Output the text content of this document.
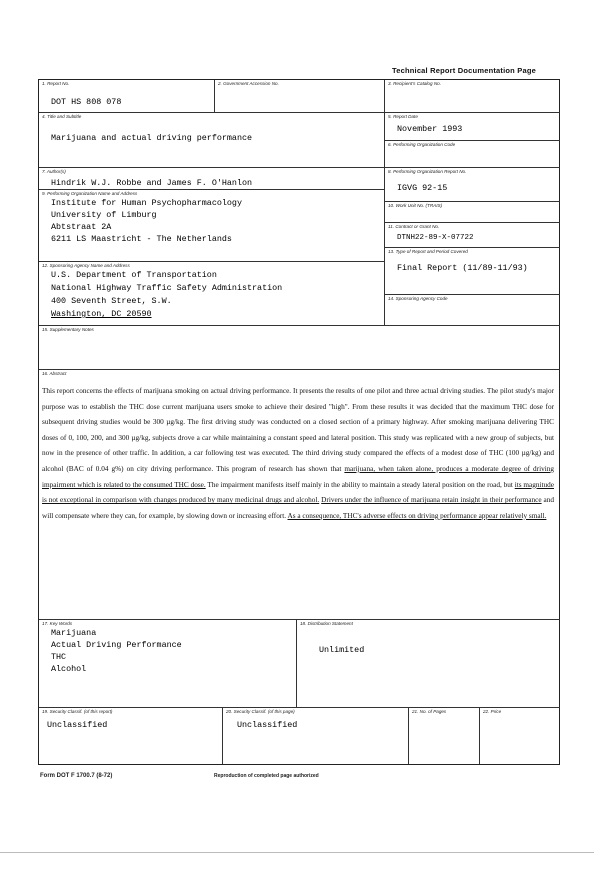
Technical Report Documentation Page
1. Report No.
DOT HS 808 078
2. Government Accession No.	3. Recipient's Catalog No.
4. Title and Subtitle
Marijuana and actual driving performance
5. Report Date
November 1993
6. Performing Organization Code
7. Author(s)
Hindrik W.J. Robbe and James F. O'Hanlon
8. Performing Organization Report No.
IGVG 92-15
9. Performing Organization Name and Address
Institute for Human Psychopharmacology
University of Limburg
Abtstraat 2A
6211 LS Maastricht - The Netherlands
10. Work Unit No. (TRAIS)
11. Contract or Grant No.
DTNH22-89-X-07722
12. Sponsoring Agency Name and Address
U.S. Department of Transportation
National Highway Traffic Safety Administration
400 Seventh Street, S.W.
Washington, DC 20590
13. Type of Report and Period Covered
Final Report (11/89-11/93)
14. Sponsoring Agency Code
15. Supplementary Notes
16. Abstract
This report concerns the effects of marijuana smoking on actual driving performance. It presents the results of one pilot and three actual driving studies. The pilot study's major purpose was to establish the THC dose current marijuana users smoke to achieve their desired "high". From these results it was decided that the maximum THC dose for subsequent driving studies would be 300 µg/kg. The first driving study was conducted on a closed section of a primary highway. After smoking marijuana delivering THC doses of 0, 100, 200, and 300 µg/kg, subjects drove a car while maintaining a constant speed and lateral position. This study was replicated with a new group of subjects, but now in the presence of other traffic. In addition, a car following test was executed. The third driving study compared the effects of a modest dose of THC (100 µg/kg) and alcohol (BAC of 0.04 g%) on city driving performance. This program of research has shown that marijuana, when taken alone, produces a moderate degree of driving impairment which is related to the consumed THC dose. The impairment manifests itself mainly in the ability to maintain a steady lateral position on the road, but its magnitude is not exceptional in comparison with changes produced by many medicinal drugs and alcohol. Drivers under the influence of marijuana retain insight in their performance and will compensate where they can, for example, by slowing down or increasing effort. As a consequence, THC's adverse effects on driving performance appear relatively small.
17. Key Words
Marijuana
Actual Driving Performance
THC
Alcohol
18. Distribution Statement
Unlimited
19. Security Classif. (of this report)
Unclassified
20. Security Classif. (of this page)
Unclassified
21. No. of Pages	22. Price
Form DOT F 1700.7 (8-72)	Reproduction of completed page authorized
